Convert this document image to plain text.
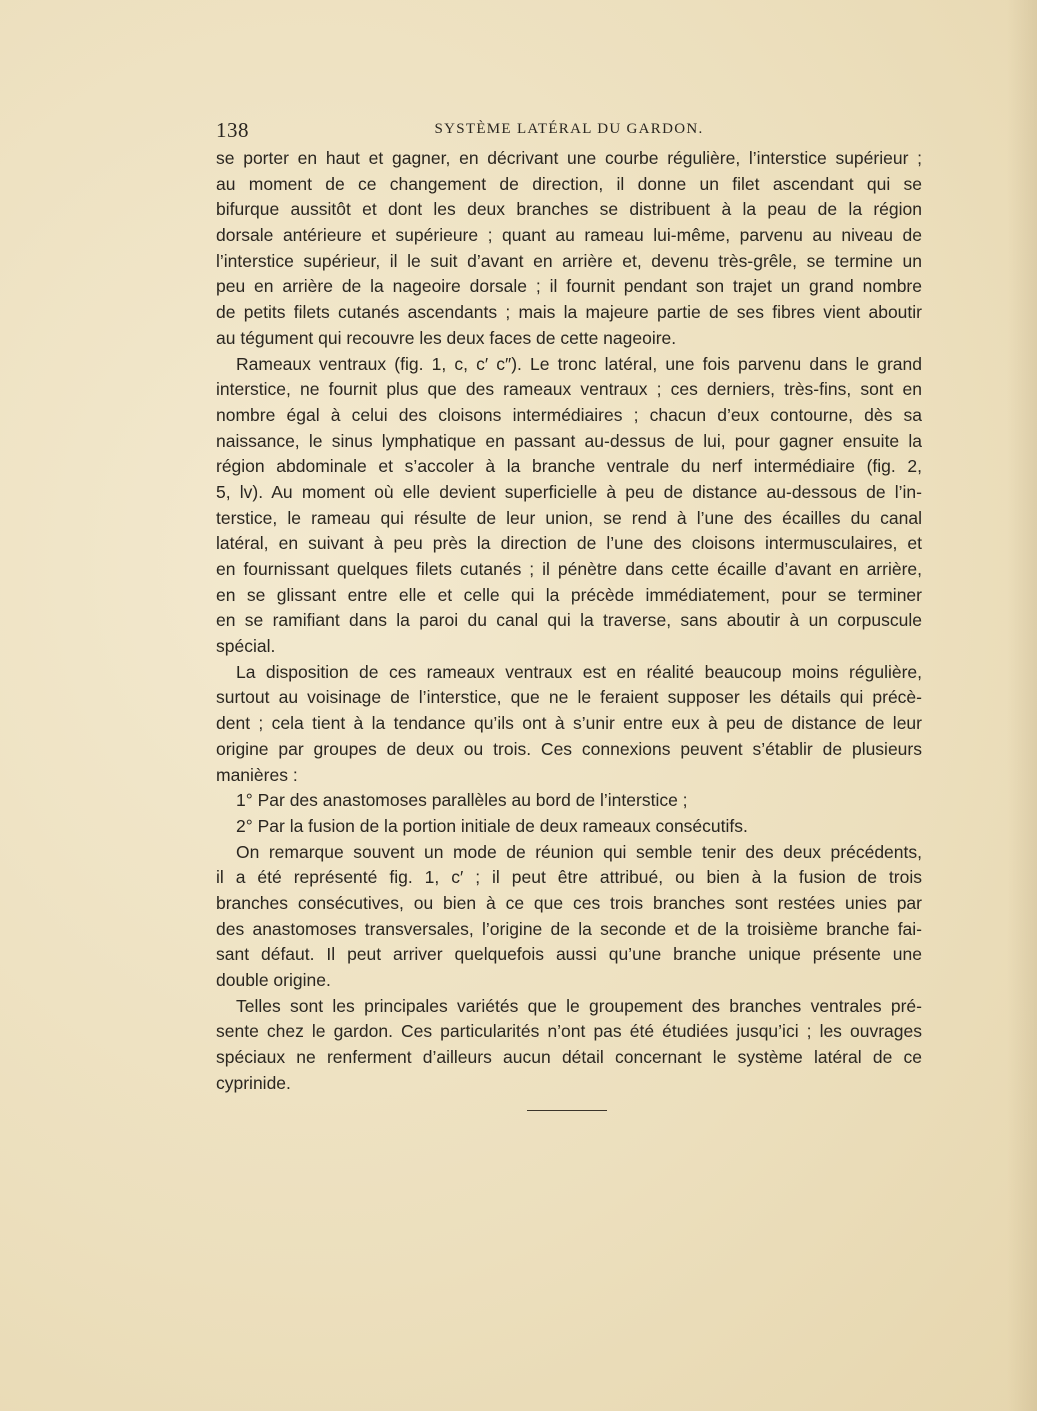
138	SYSTÈME LATÉRAL DU GARDON.
se porter en haut et gagner, en décrivant une courbe régulière, l’interstice supérieur ;
au moment de ce changement de direction, il donne un filet ascendant qui se
bifurque aussitôt et dont les deux branches se distribuent à la peau de la région
dorsale antérieure et supérieure ; quant au rameau lui-même, parvenu au niveau de
l’interstice supérieur, il le suit d’avant en arrière et, devenu très-grêle, se termine un
peu en arrière de la nageoire dorsale ; il fournit pendant son trajet un grand nombre
de petits filets cutanés ascendants ; mais la majeure partie de ses fibres vient aboutir
au tégument qui recouvre les deux faces de cette nageoire.
Rameaux ventraux (fig. 1, c, c′ c″). Le tronc latéral, une fois parvenu dans le grand
interstice, ne fournit plus que des rameaux ventraux ; ces derniers, très-fins, sont en
nombre égal à celui des cloisons intermédiaires ; chacun d’eux contourne, dès sa
naissance, le sinus lymphatique en passant au-dessus de lui, pour gagner ensuite la
région abdominale et s’accoler à la branche ventrale du nerf intermédiaire (fig. 2,
5, lv). Au moment où elle devient superficielle à peu de distance au-dessous de l’in-
terstice, le rameau qui résulte de leur union, se rend à l’une des écailles du canal
latéral, en suivant à peu près la direction de l’une des cloisons intermusculaires, et
en fournissant quelques filets cutanés ; il pénètre dans cette écaille d’avant en arrière,
en se glissant entre elle et celle qui la précède immédiatement, pour se terminer
en se ramifiant dans la paroi du canal qui la traverse, sans aboutir à un corpuscule
spécial.
La disposition de ces rameaux ventraux est en réalité beaucoup moins régulière,
surtout au voisinage de l’interstice, que ne le feraient supposer les détails qui précè-
dent ; cela tient à la tendance qu’ils ont à s’unir entre eux à peu de distance de leur
origine par groupes de deux ou trois. Ces connexions peuvent s’établir de plusieurs
manières :
1° Par des anastomoses parallèles au bord de l’interstice ;
2° Par la fusion de la portion initiale de deux rameaux consécutifs.
On remarque souvent un mode de réunion qui semble tenir des deux précédents,
il a été représenté fig. 1, c′ ; il peut être attribué, ou bien à la fusion de trois
branches consécutives, ou bien à ce que ces trois branches sont restées unies par
des anastomoses transversales, l’origine de la seconde et de la troisième branche fai-
sant défaut. Il peut arriver quelquefois aussi qu’une branche unique présente une
double origine.
Telles sont les principales variétés que le groupement des branches ventrales pré-
sente chez le gardon. Ces particularités n’ont pas été étudiées jusqu’ici ; les ouvrages
spéciaux ne renferment d’ailleurs aucun détail concernant le système latéral de ce
cyprinide.
